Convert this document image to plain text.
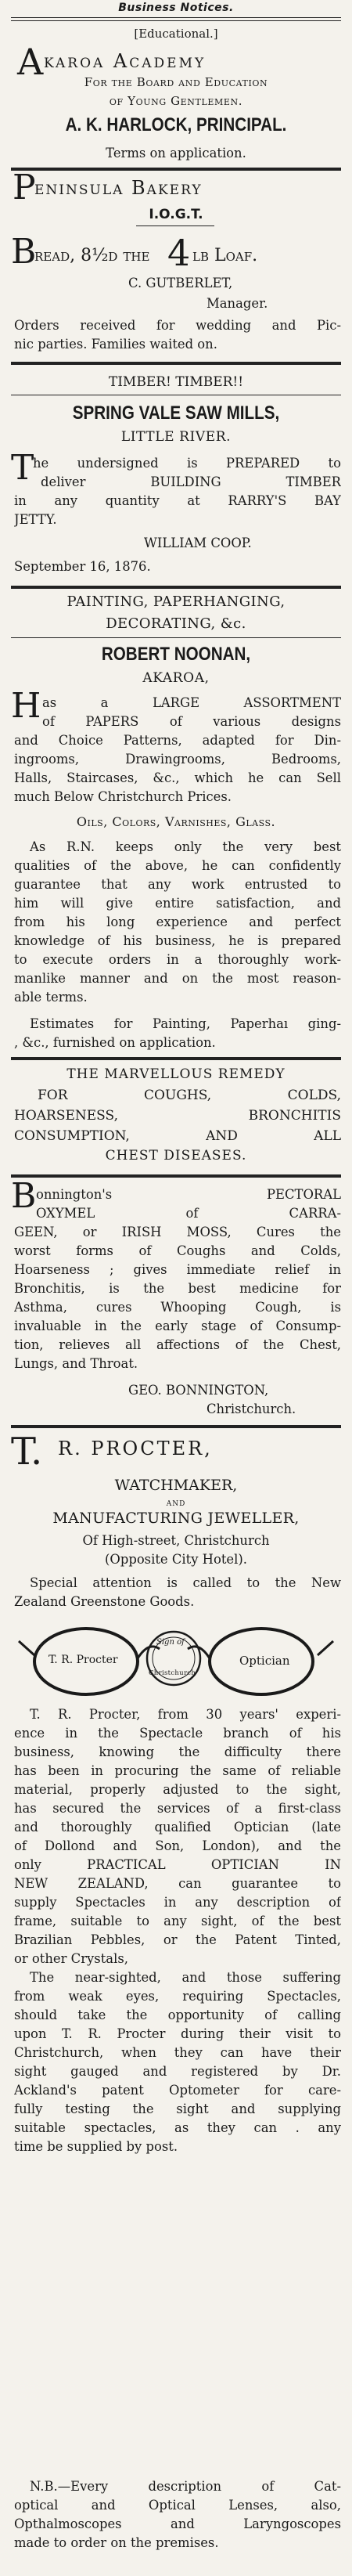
Business Notices.
[Educational.]
A karoa Academy
For the Board and Education
of Young Gentlemen.
A. K. HARLOCK, PRINCIPAL.
Terms on application.
P
eninsula Bakery
I.O.G.T.
B
read, 8½d the 4 lb Loaf.
C. GUTBERLET,
Manager.
Orders received for wedding and Pic-
nic parties. Families waited on.
TIMBER! TIMBER!!
SPRING VALE SAW MILLS,
LITTLE RIVER.
T
he undersigned is PREPARED to
deliver BUILDING TIMBER
in any quantity at RARRY'S BAY
JETTY.
WILLIAM COOP.
September 16, 1876.
PAINTING, PAPERHANGING,
DECORATING, &c.
ROBERT NOONAN,
AKAROA,
H as a LARGE ASSORTMENT
of PAPERS of various designs
and Choice Patterns, adapted for Din-
ingrooms, Drawingrooms, Bedrooms,
Halls, Staircases, &c., which he can Sell
much Below Christchurch Prices.
Oils, Colors, Varnishes, Glass.
As R.N. keeps only the very best
qualities of the above, he can confidently
guarantee that any work entrusted to
him will give entire satisfaction, and
from his long experience and perfect
knowledge of his business, he is prepared
to execute orders in a thoroughly work-
manlike manner and on the most reason-
able terms.
Estimates for Painting, Paperhaı ging-
, &c., furnished on application.
THE MARVELLOUS REMEDY
FOR COUGHS, COLDS,
HOARSENESS, BRONCHITIS
CONSUMPTION, AND ALL
CHEST DISEASES.
B onnington's PECTORAL
OXYMEL of CARRA-
GEEN, or IRISH MOSS, Cures the
worst forms of Coughs and Colds,
Hoarseness ; gives immediate relief in
Bronchitis, is the best medicine for
Asthma, cures Whooping Cough, is
invaluable in the early stage of Consump-
tion, relieves all affections of the Chest,
Lungs, and Throat.
GEO. BONNINGTON,
Christchurch.
T. R. PROCTER,
WATCHMAKER,
AND
MANUFACTURING JEWELLER,
Of High-street, Christchurch
(Opposite City Hotel).
Special attention is called to the New
Zealand Greenstone Goods.
T. R. Procter	Optician
Sign of
Christchurch
T. R. Procter, from 30 years' experi-
ence in the Spectacle branch of his
business, knowing the difficulty there
has been in procuring the same of reliable
material, properly adjusted to the sight,
has secured the services of a first-class
and thoroughly qualified Optician (late
of Dollond and Son, London), and the
only PRACTICAL OPTICIAN IN
NEW ZEALAND, can guarantee to
supply Spectacles in any description of
frame, suitable to any sight, of the best
Brazilian Pebbles, or the Patent Tinted,
or other Crystals,
The near-sighted, and those suffering
from weak eyes, requiring Spectacles,
should take the opportunity of calling
upon T. R. Procter during their visit to
Christchurch, when they can have their
sight gauged and registered by Dr.
Ackland's patent Optometer for care-
fully testing the sight and supplying
suitable spectacles, as they can . any
time be supplied by post.
N.B.—Every description of Cat-
optical and Optical Lenses, also,
Opthalmoscopes and Laryngoscopes
made to order on the premises.
